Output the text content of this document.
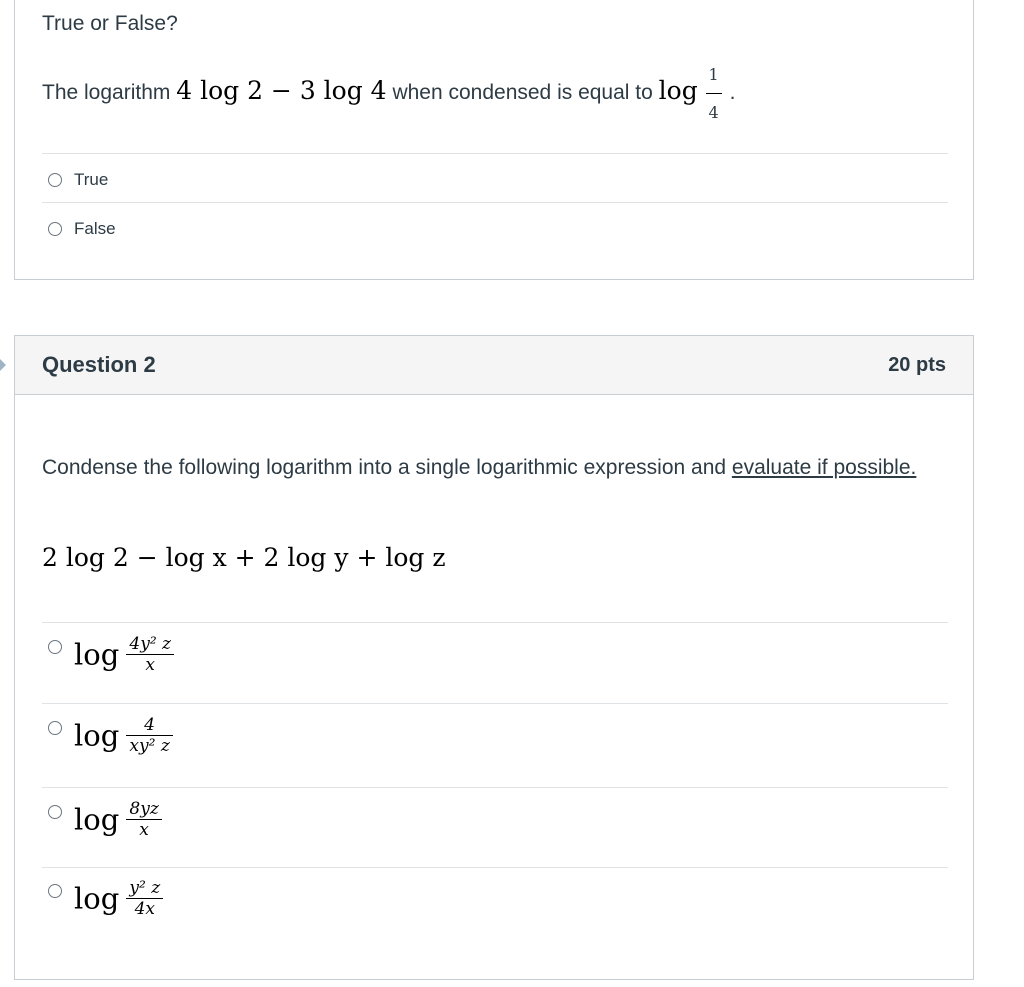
True or False?
The logarithm 4 log 2 − 3 log 4 when condensed is equal to $\log \frac{1}{4}$ .
True
False
Question 2	20 pts
Condense the following logarithm into a single logarithmic expression and evaluate if possible.
2 log 2 − log x + 2 log y + log z
$\log \frac{\text{4y² z}}{x}$
$\log \frac{4}{\text{xy² z}}$
$\log \frac{8yz}{x}$
$\log \frac{\text{y² z}}{4x}$
